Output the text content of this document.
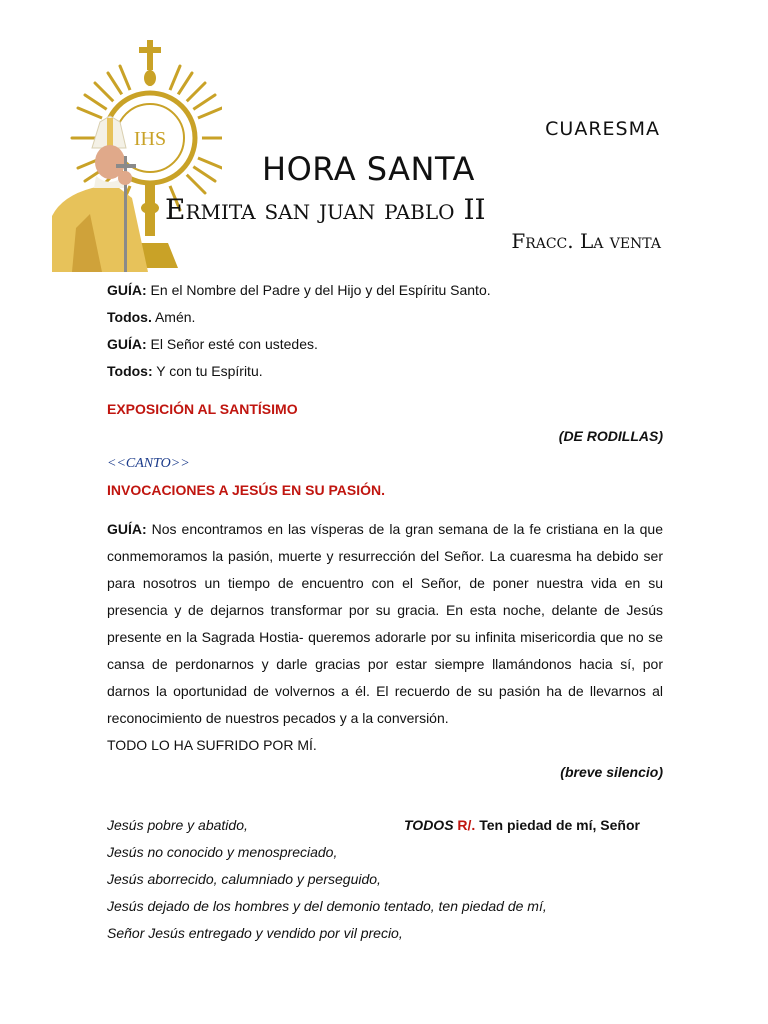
IHS	CUARESMA
HORA SANTA
Ermita san juan pablo II
Fracc. La venta

GUÍA: En el Nombre del Padre y del Hijo y del Espíritu Santo.

Todos. Amén.

GUÍA: El Señor esté con ustedes.

Todos: Y con tu Espíritu.

EXPOSICIÓN AL SANTÍSIMO

(DE RODILLAS)

<<CANTO>>

INVOCACIONES A JESÚS EN SU PASIÓN.

GUÍA: Nos encontramos en las vísperas de la gran semana de la fe cristiana en la que conmemoramos la pasión, muerte y resurrección del Señor. La cuaresma ha debido ser para nosotros un tiempo de encuentro con el Señor, de poner nuestra vida en su presencia y de dejarnos transformar por su gracia. En esta noche, delante de Jesús presente en la Sagrada Hostia- queremos adorarle por su infinita misericordia que no se cansa de perdonarnos y darle gracias por estar siempre llamándonos hacia sí, por darnos la oportunidad de volvernos a él. El recuerdo de su pasión ha de llevarnos al reconocimiento de nuestros pecados y a la conversión.

TODO LO HA SUFRIDO POR MÍ.

(breve silencio)

Jesús pobre y abatido,	TODOS R/. Ten piedad de mí, Señor

Jesús no conocido y menospreciado,

Jesús aborrecido, calumniado y perseguido,

Jesús dejado de los hombres y del demonio tentado, ten piedad de mí,

Señor Jesús entregado y vendido por vil precio,
